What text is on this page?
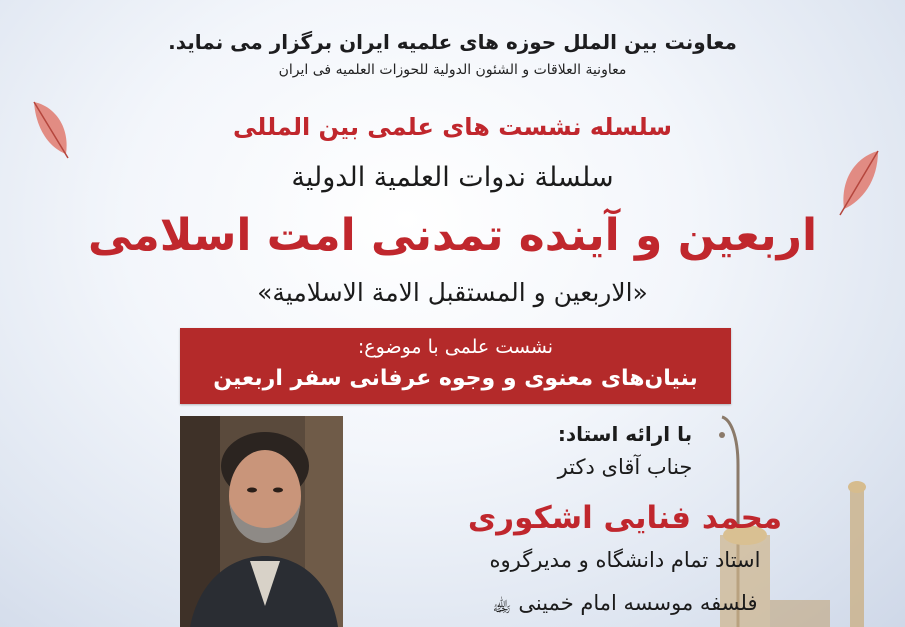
معاونت بین الملل حوزه های علمیه ایران برگزار می نماید.
معاونیة العلاقات و الشئون الدولیة للحوزات العلمیه فی ایران
سلسله نشست های علمی بین المللی
سلسلة ندوات العلمیة الدولیة
اربعین و آینده تمدنی امت اسلامی
«الاربعین و المستقبل الامة الاسلامیة»
نشست علمی با موضوع:
بنیان‌های معنوی و وجوه عرفانی سفر اربعین
با ارائه استاد:
جناب آقای دکتر
محمد فنایی اشکوری
استاد تمام دانشگاه و مدیرگروه
فلسفه موسسه امام خمینی ﵀
